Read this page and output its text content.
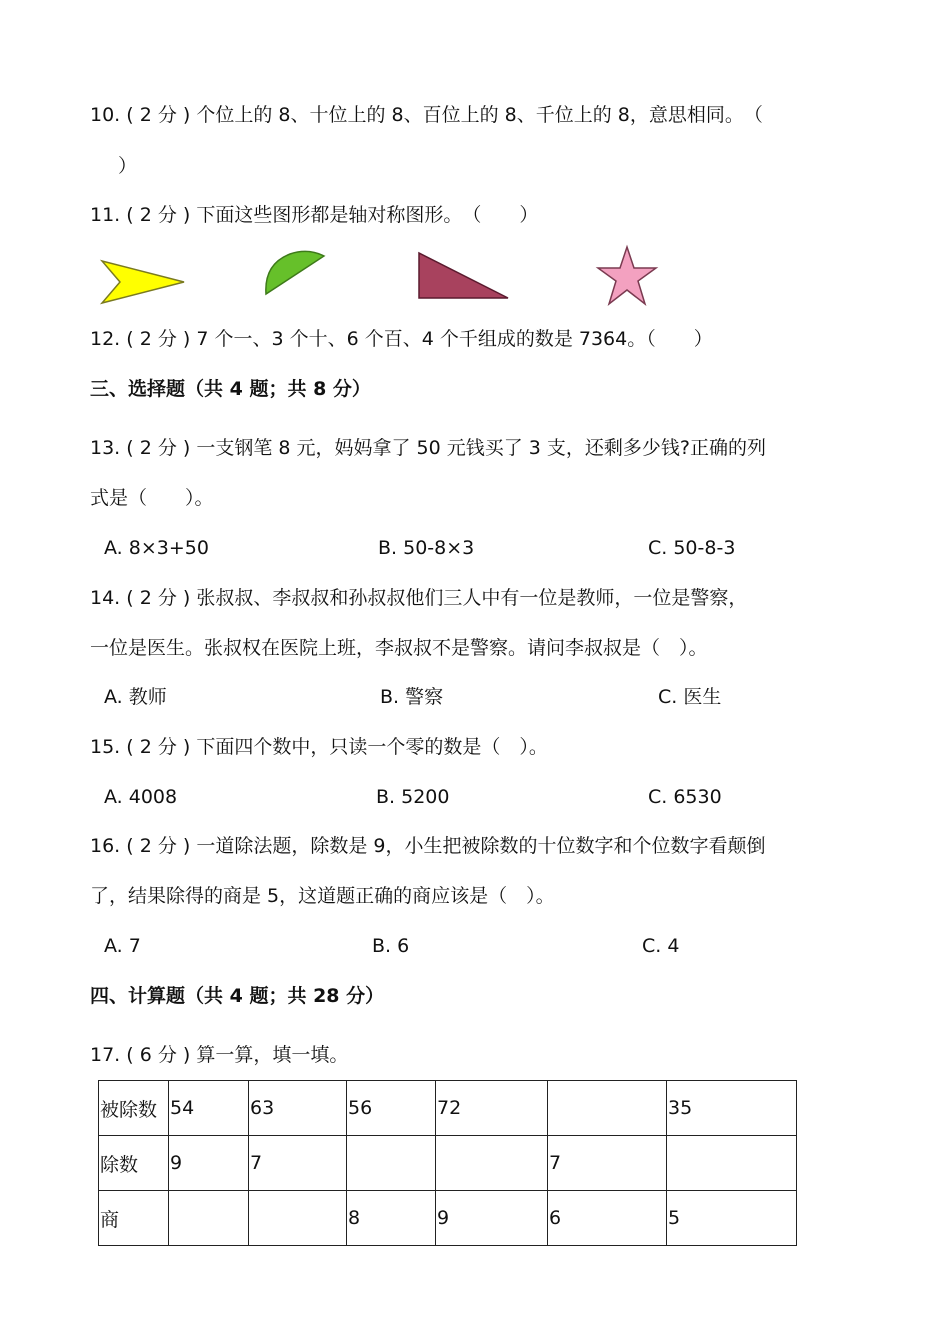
10. ( 2 分 ) 个位上的 8、十位上的 8、百位上的 8、千位上的 8，意思相同。　（
）
11. ( 2 分 ) 下面这些图形都是轴对称图形。　（　　）
12. ( 2 分 ) 7 个一、3 个十、6 个百、4 个千组成的数是 7364。（　　）
三、选择题（共 4 题；共 8 分）
13. ( 2 分 ) 一支钢笔 8 元，妈妈拿了 50 元钱买了 3 支，还剩多少钱?正确的列
式是（　　）。
A. 8×3+50	B. 50-8×3	C. 50-8-3
14. ( 2 分 ) 张叔叔、李叔叔和孙叔叔他们三人中有一位是教师，一位是警察，
一位是医生。张叔权在医院上班，李叔叔不是警察。请问李叔叔是（　）。
A. 教师	B. 警察	C. 医生
15. ( 2 分 ) 下面四个数中，只读一个零的数是（　）。
A. 4008	B. 5200	C. 6530
16. ( 2 分 ) 一道除法题，除数是 9，小生把被除数的十位数字和个位数字看颠倒
了，结果除得的商是 5，这道题正确的商应该是（　）。
A. 7	B. 6	C. 4
四、计算题（共 4 题；共 28 分）
17. ( 6 分 ) 算一算，填一填。
被除数	54	63	56	72		35
除数	9	7			7	
商			8	9	6	5
